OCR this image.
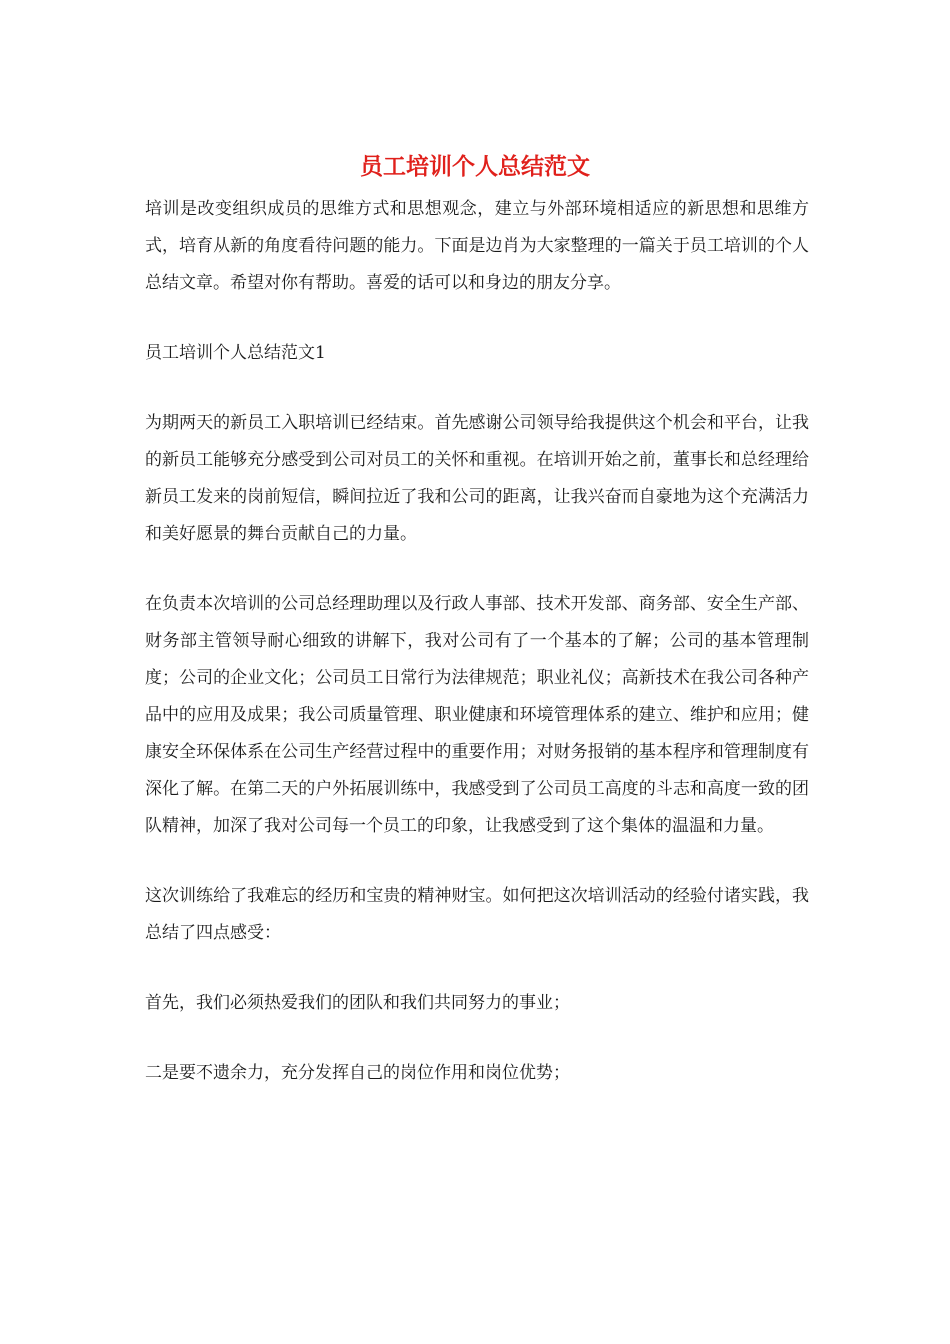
员工培训个人总结范文

培训是改变组织成员的思维方式和思想观念，建立与外部环境相适应的新思想和思维方式，培育从新的角度看待问题的能力。下面是边肖为大家整理的一篇关于员工培训的个人总结文章。希望对你有帮助。喜爱的话可以和身边的朋友分享。

员工培训个人总结范文1

为期两天的新员工入职培训已经结束。首先感谢公司领导给我提供这个机会和平台，让我的新员工能够充分感受到公司对员工的关怀和重视。在培训开始之前，董事长和总经理给新员工发来的岗前短信，瞬间拉近了我和公司的距离，让我兴奋而自豪地为这个充满活力和美好愿景的舞台贡献自己的力量。

在负责本次培训的公司总经理助理以及行政人事部、技术开发部、商务部、安全生产部、财务部主管领导耐心细致的讲解下，我对公司有了一个基本的了解；公司的基本管理制度；公司的企业文化；公司员工日常行为法律规范；职业礼仪；高新技术在我公司各种产品中的应用及成果；我公司质量管理、职业健康和环境管理体系的建立、维护和应用；健康安全环保体系在公司生产经营过程中的重要作用；对财务报销的基本程序和管理制度有深化了解。在第二天的户外拓展训练中，我感受到了公司员工高度的斗志和高度一致的团队精神，加深了我对公司每一个员工的印象，让我感受到了这个集体的温温和力量。

这次训练给了我难忘的经历和宝贵的精神财宝。如何把这次培训活动的经验付诸实践，我总结了四点感受：

首先，我们必须热爱我们的团队和我们共同努力的事业；

二是要不遗余力，充分发挥自己的岗位作用和岗位优势；
